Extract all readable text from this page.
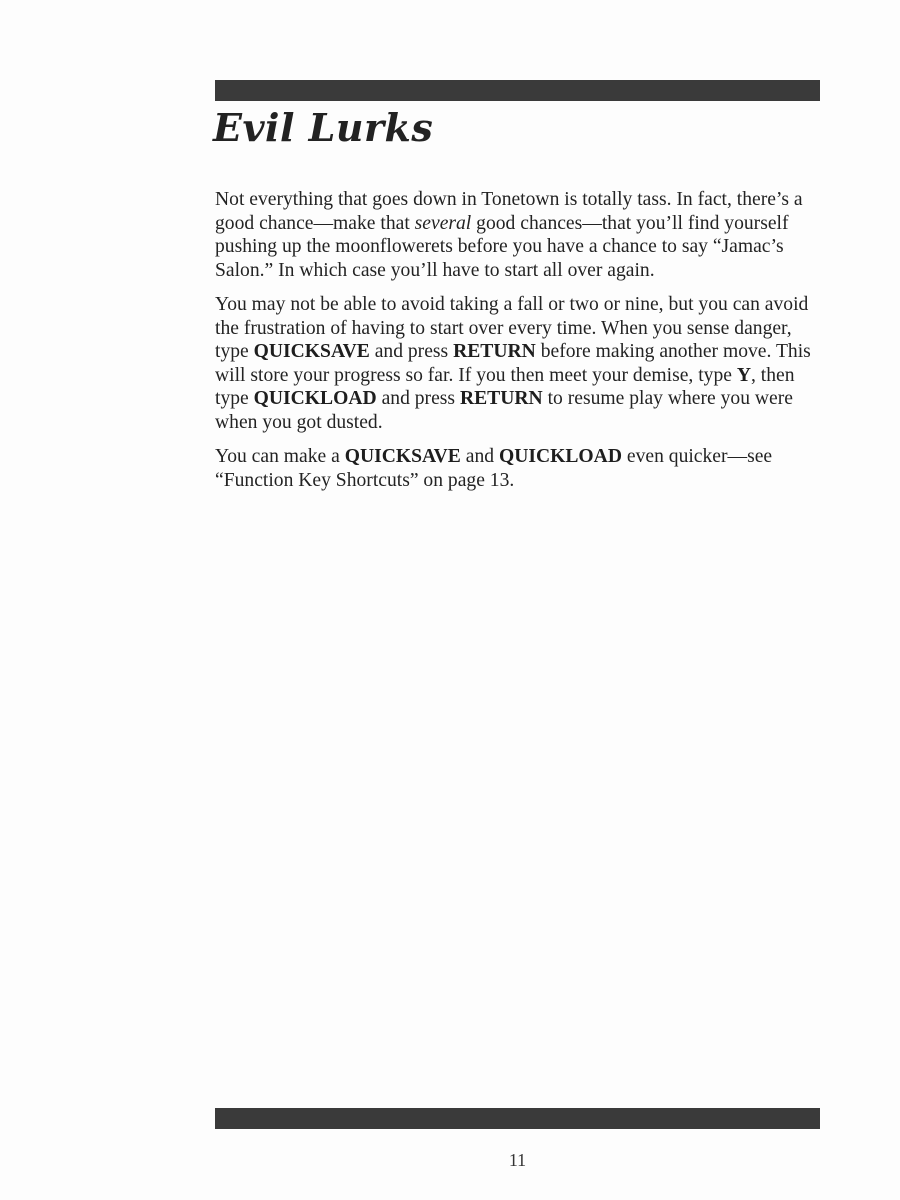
Evil Lurks

Not everything that goes down in Tonetown is totally tass. In fact, there’s a good chance—make that several good chances—that you’ll find yourself pushing up the moonflowerets before you have a chance to say “Jamac’s Salon.” In which case you’ll have to start all over again.

You may not be able to avoid taking a fall or two or nine, but you can avoid the frustration of having to start over every time. When you sense danger, type QUICKSAVE and press RETURN before making another move. This will store your progress so far. If you then meet your demise, type Y, then type QUICKLOAD and press RETURN to resume play where you were when you got dusted.

You can make a QUICKSAVE and QUICKLOAD even quicker—see “Function Key Shortcuts” on page 13.

11
